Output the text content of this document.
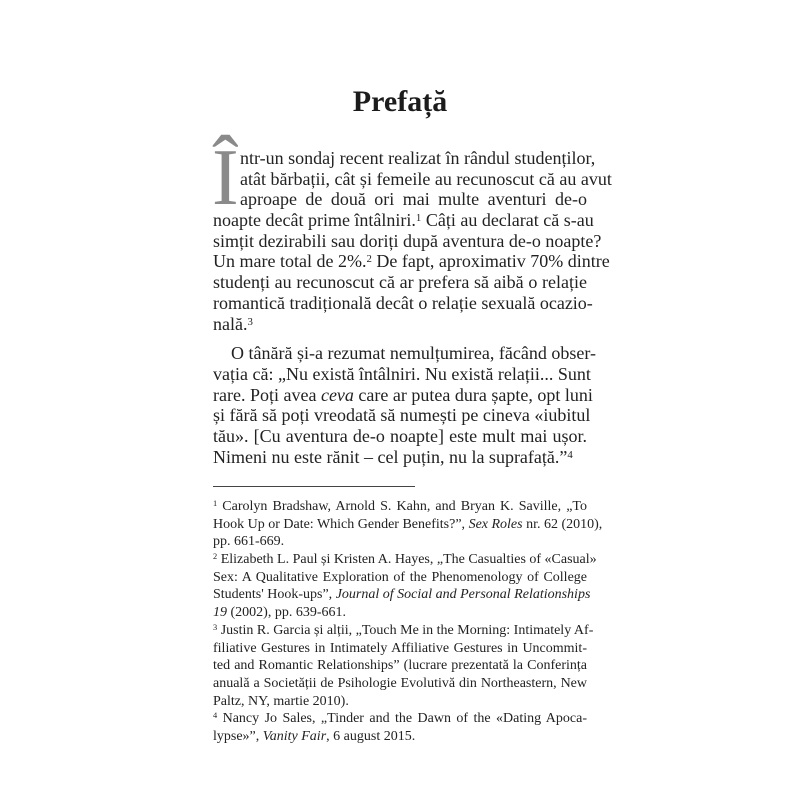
Prefață
Î ntr-un sondaj recent realizat în rândul studenților,
atât bărbații, cât și femeile au recunoscut că au avut
aproape de două ori mai multe aventuri de-o
noapte decât prime întâlniri.$^1$ Câți au declarat că s-au
simțit dezirabili sau doriți după aventura de-o noapte?
Un mare total de 2%.$^2$ De fapt, aproximativ 70% dintre
studenți au recunoscut că ar prefera să aibă o relație
romantică tradițională decât o relație sexuală ocazio-
nală.$^3$
O tânără și-a rezumat nemulțumirea, făcând obser-
vația că: „Nu există întâlniri. Nu există relații... Sunt
rare. Poți avea ceva care ar putea dura șapte, opt luni
și fără să poți vreodată să numești pe cineva «iubitul
tău». [Cu aventura de-o noapte] este mult mai ușor.
Nimeni nu este rănit – cel puțin, nu la suprafață.”$^4$
$^1$ Carolyn Bradshaw, Arnold S. Kahn, and Bryan K. Saville, „To
Hook Up or Date: Which Gender Benefits?”, Sex Roles nr. 62 (2010),
pp. 661-669.
$^2$ Elizabeth L. Paul și Kristen A. Hayes, „The Casualties of «Casual»
Sex: A Qualitative Exploration of the Phenomenology of College
Students' Hook-ups”, Journal of Social and Personal Relationships
19 (2002), pp. 639-661.
$^3$ Justin R. Garcia și alții, „Touch Me in the Morning: Intimately Af-
filiative Gestures in Intimately Affiliative Gestures in Uncommit-
ted and Romantic Relationships” (lucrare prezentată la Conferința
anuală a Societății de Psihologie Evolutivă din Northeastern, New
Paltz, NY, martie 2010).
$^4$ Nancy Jo Sales, „Tinder and the Dawn of the «Dating Apoca-
lypse»”, Vanity Fair, 6 august 2015.
